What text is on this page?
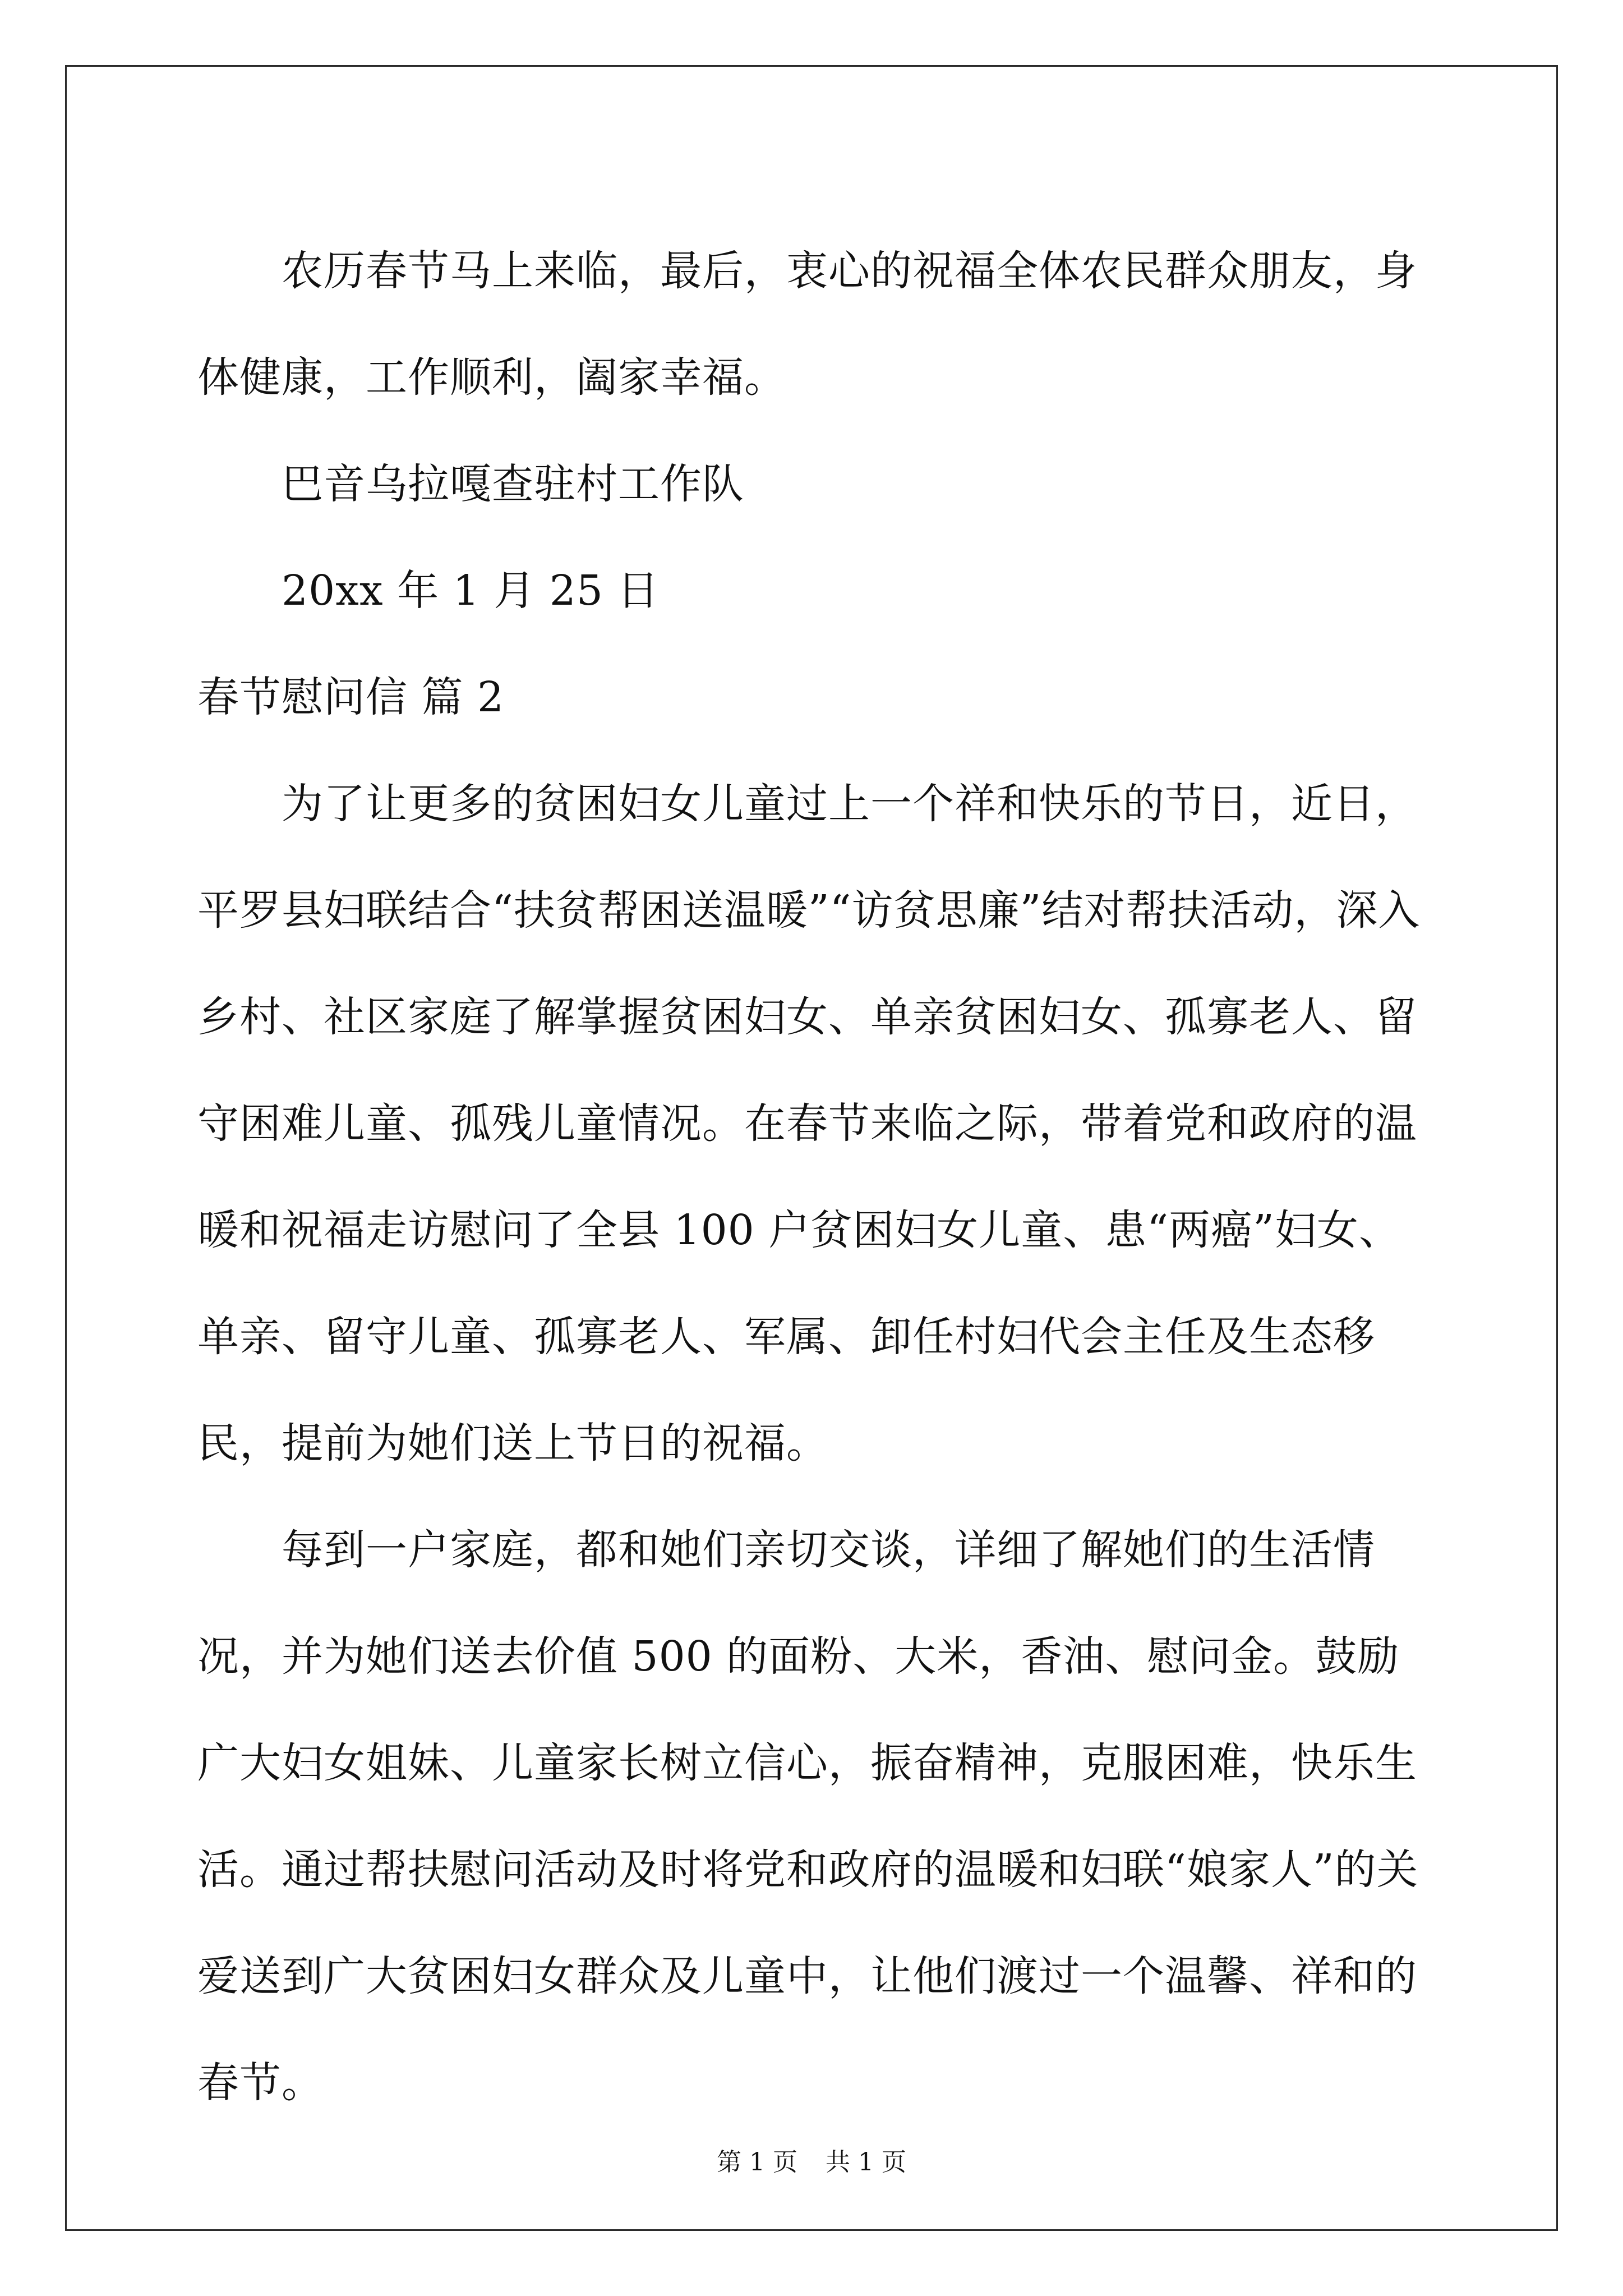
农历春节马上来临，最后，衷心的祝福全体农民群众朋友，身体健康，工作顺利，阖家幸福。

巴音乌拉嘎查驻村工作队

20xx 年 1 月 25 日

春节慰问信 篇 2

为了让更多的贫困妇女儿童过上一个祥和快乐的节日，近日，平罗县妇联结合“扶贫帮困送温暖”“访贫思廉”结对帮扶活动，深入乡村、社区家庭了解掌握贫困妇女、单亲贫困妇女、孤寡老人、留守困难儿童、孤残儿童情况。在春节来临之际，带着党和政府的温暖和祝福走访慰问了全县 100 户贫困妇女儿童、患“两癌”妇女、单亲、留守儿童、孤寡老人、军属、卸任村妇代会主任及生态移民，提前为她们送上节日的祝福。

每到一户家庭，都和她们亲切交谈，详细了解她们的生活情况，并为她们送去价值 500 的面粉、大米，香油、慰问金。鼓励广大妇女姐妹、儿童家长树立信心，振奋精神，克服困难，快乐生活。通过帮扶慰问活动及时将党和政府的温暖和妇联“娘家人”的关爱送到广大贫困妇女群众及儿童中，让他们渡过一个温馨、祥和的春节。

第 1 页 共 1 页
